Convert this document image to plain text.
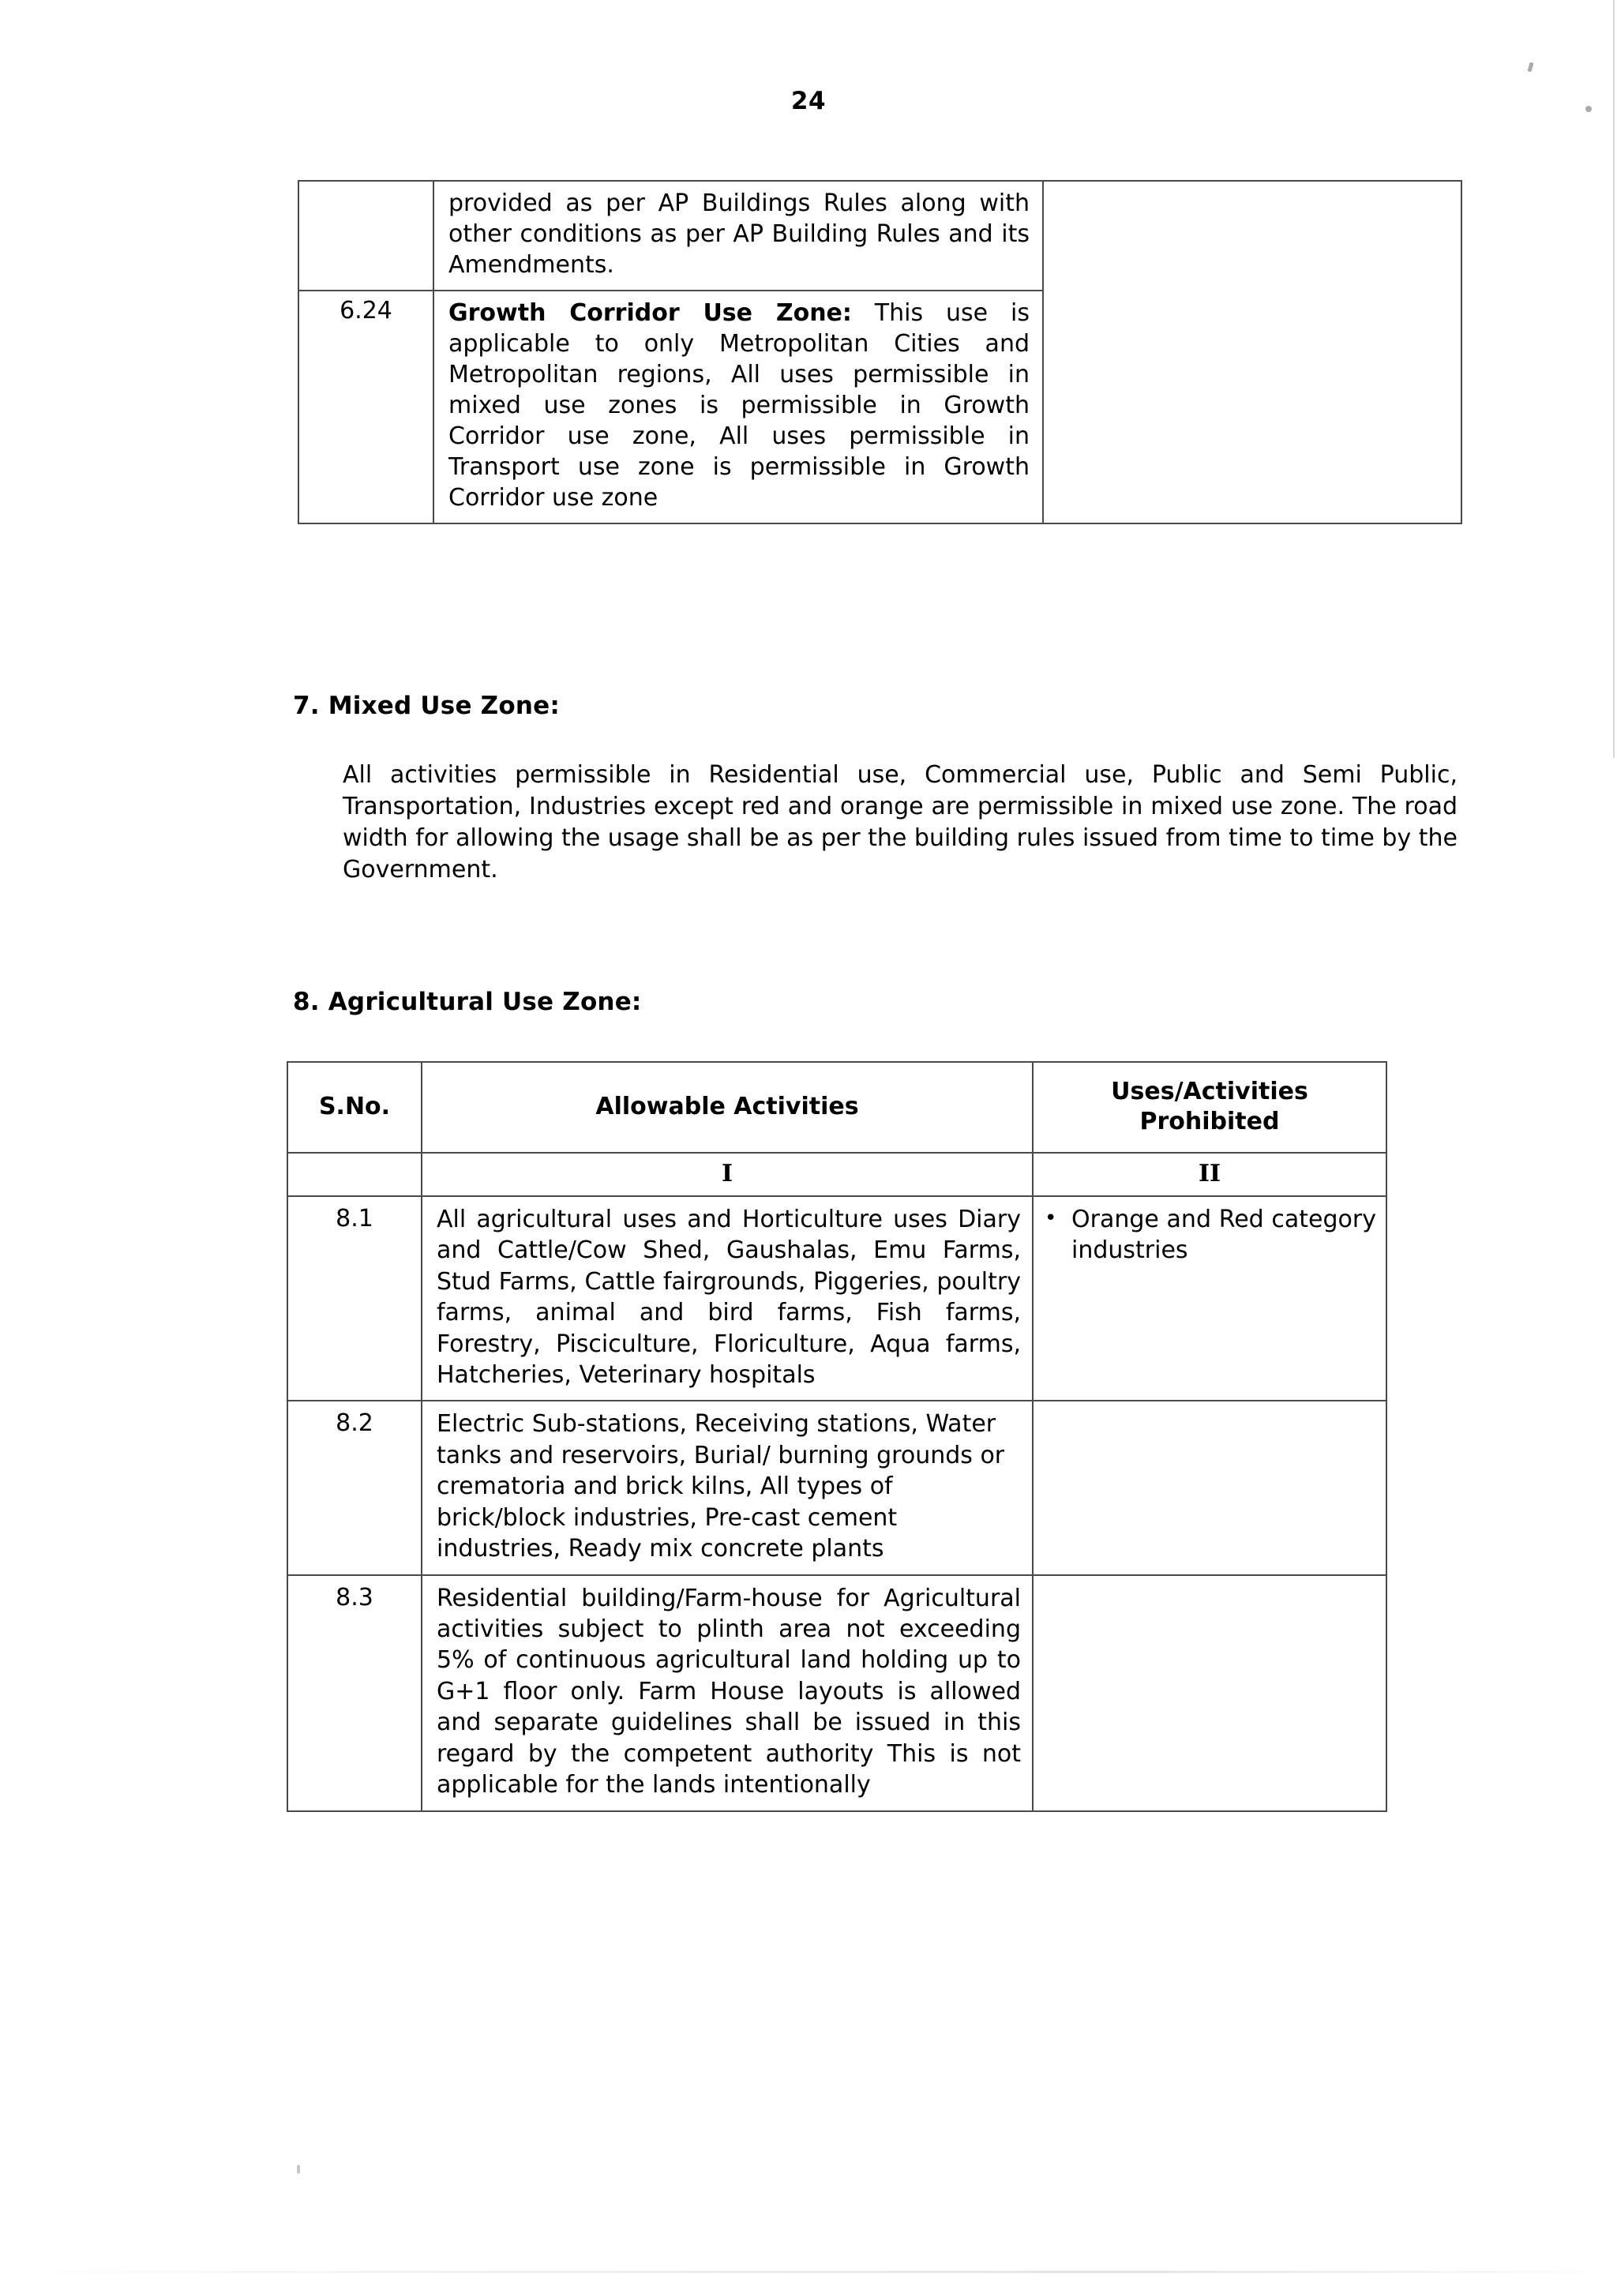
24
	provided as per AP Buildings Rules along with other conditions as per AP Building Rules and its Amendments.	
6.24	Growth Corridor Use Zone: This use is applicable to only Metropolitan Cities and Metropolitan regions, All uses permissible in mixed use zones is permissible in Growth Corridor use zone, All uses permissible in Transport use zone is permissible in Growth Corridor use zone	
7. Mixed Use Zone:
All activities permissible in Residential use, Commercial use, Public and Semi Public, Transportation, Industries except red and orange are permissible in mixed use zone. The road width for allowing the usage shall be as per the building rules issued from time to time by the Government.
8. Agricultural Use Zone:
S.No.	Allowable Activities	Uses/Activities Prohibited
	I	II
8.1	All agricultural uses and Horticulture uses Diary and Cattle/Cow Shed, Gaushalas, Emu Farms, Stud Farms, Cattle fairgrounds, Piggeries, poultry farms, animal and bird farms, Fish farms, Forestry, Pisciculture, Floriculture, Aqua farms, Hatcheries, Veterinary hospitals	• Orange and Red category industries

8.2	Electric Sub-stations, Receiving stations, Water tanks and reservoirs, Burial/ burning grounds or crematoria and brick kilns, All types of brick/block industries, Pre-cast cement industries, Ready mix concrete plants	
8.3	Residential building/Farm-house for Agricultural activities subject to plinth area not exceeding 5% of continuous agricultural land holding up to G+1 floor only. Farm House layouts is allowed and separate guidelines shall be issued in this regard by the competent authority This is not applicable for the lands intentionally	
